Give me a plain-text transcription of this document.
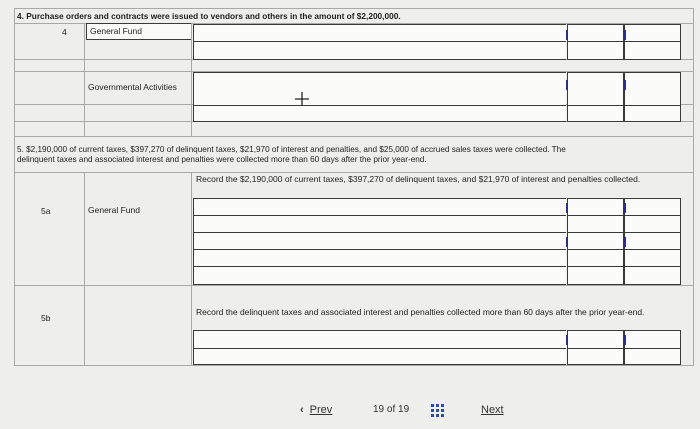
4. Purchase orders and contracts were issued to vendors and others in the amount of $2,200,000.
4	General Fund
Governmental Activities
5. $2,190,000 of current taxes, $397,270 of delinquent taxes, $21,970 of interest and penalties, and $25,000 of accrued sales taxes were collected. The
delinquent taxes and associated interest and penalties were collected more than 60 days after the prior year-end.
Record the $2,190,000 of current taxes, $397,270 of delinquent taxes, and $21,970 of interest and penalties collected.
5a	General Fund
5b
Record the delinquent taxes and associated interest and penalties collected more than 60 days after the prior year-end.
‹ Prev	19 of 19	Next
